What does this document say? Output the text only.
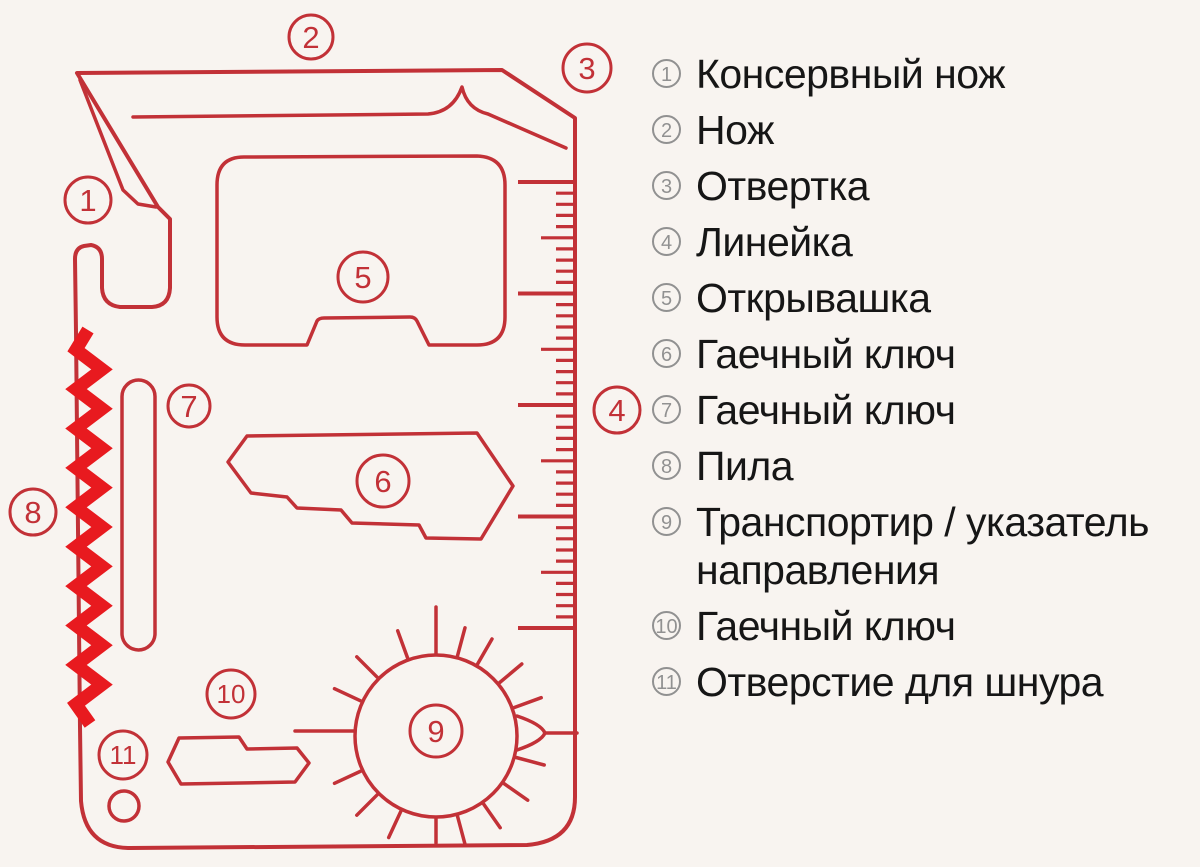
1
2
3
4
5
6
7
8
9
10
11
1 Консервный нож
2 Нож
3 Отвертка
4 Линейка
5 Открывашка
6 Гаечный ключ
7 Гаечный ключ
8 Пила
9 Транспортир / указатель направления
10 Гаечный ключ
11 Отверстие для шнура
